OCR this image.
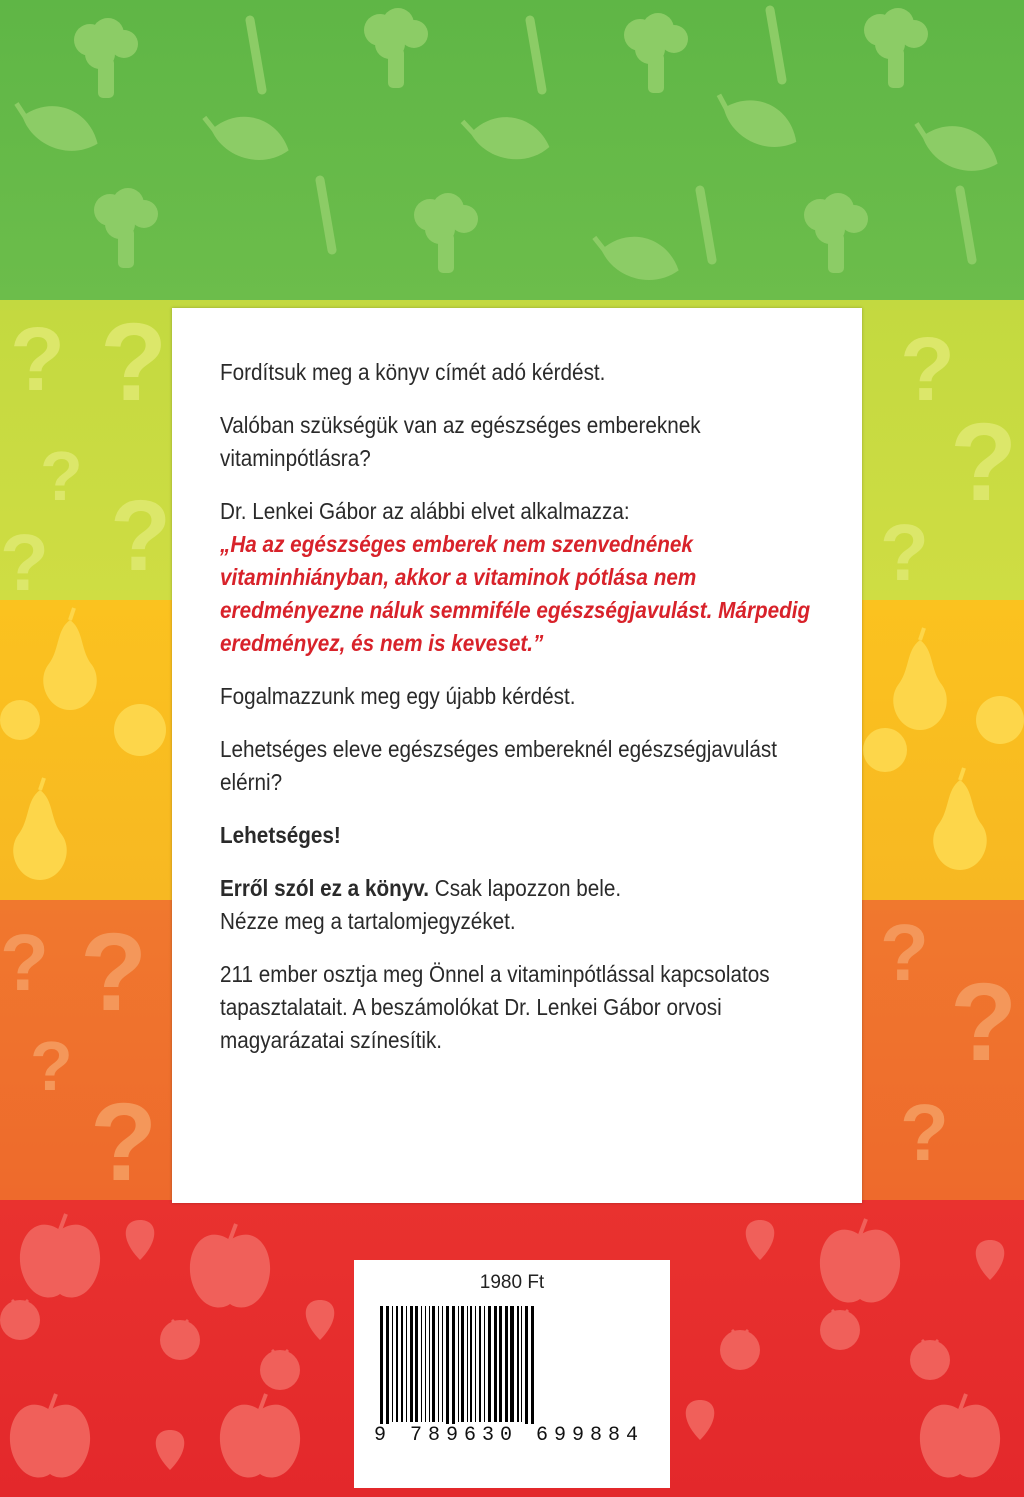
? ?
?
?
?
?
?
?
? ?
?
?
?
?
?

Fordítsuk meg a könyv címét adó kérdést.

Valóban szükségük van az egészséges embereknek vitaminpótlásra?

Dr. Lenkei Gábor az alábbi elvet alkalmazza:

„Ha az egészséges emberek nem szenvednének vitaminhiányban, akkor a vitaminok pótlása nem eredményezne náluk semmiféle egészségjavulást. Márpedig eredményez, és nem is keveset.”

Fogalmazzunk meg egy újabb kérdést.

Lehetséges eleve egészséges embereknél egészségjavulást elérni?

Lehetséges!

Erről szól ez a könyv. Csak lapozzon bele.
Nézze meg a tartalomjegyzéket.

211 ember osztja meg Önnel a vitaminpótlással kapcsolatos tapasztalatait. A beszámolókat Dr. Lenkei Gábor orvosi magyarázatai színesítik.

1980 Ft
9 789630 699884
